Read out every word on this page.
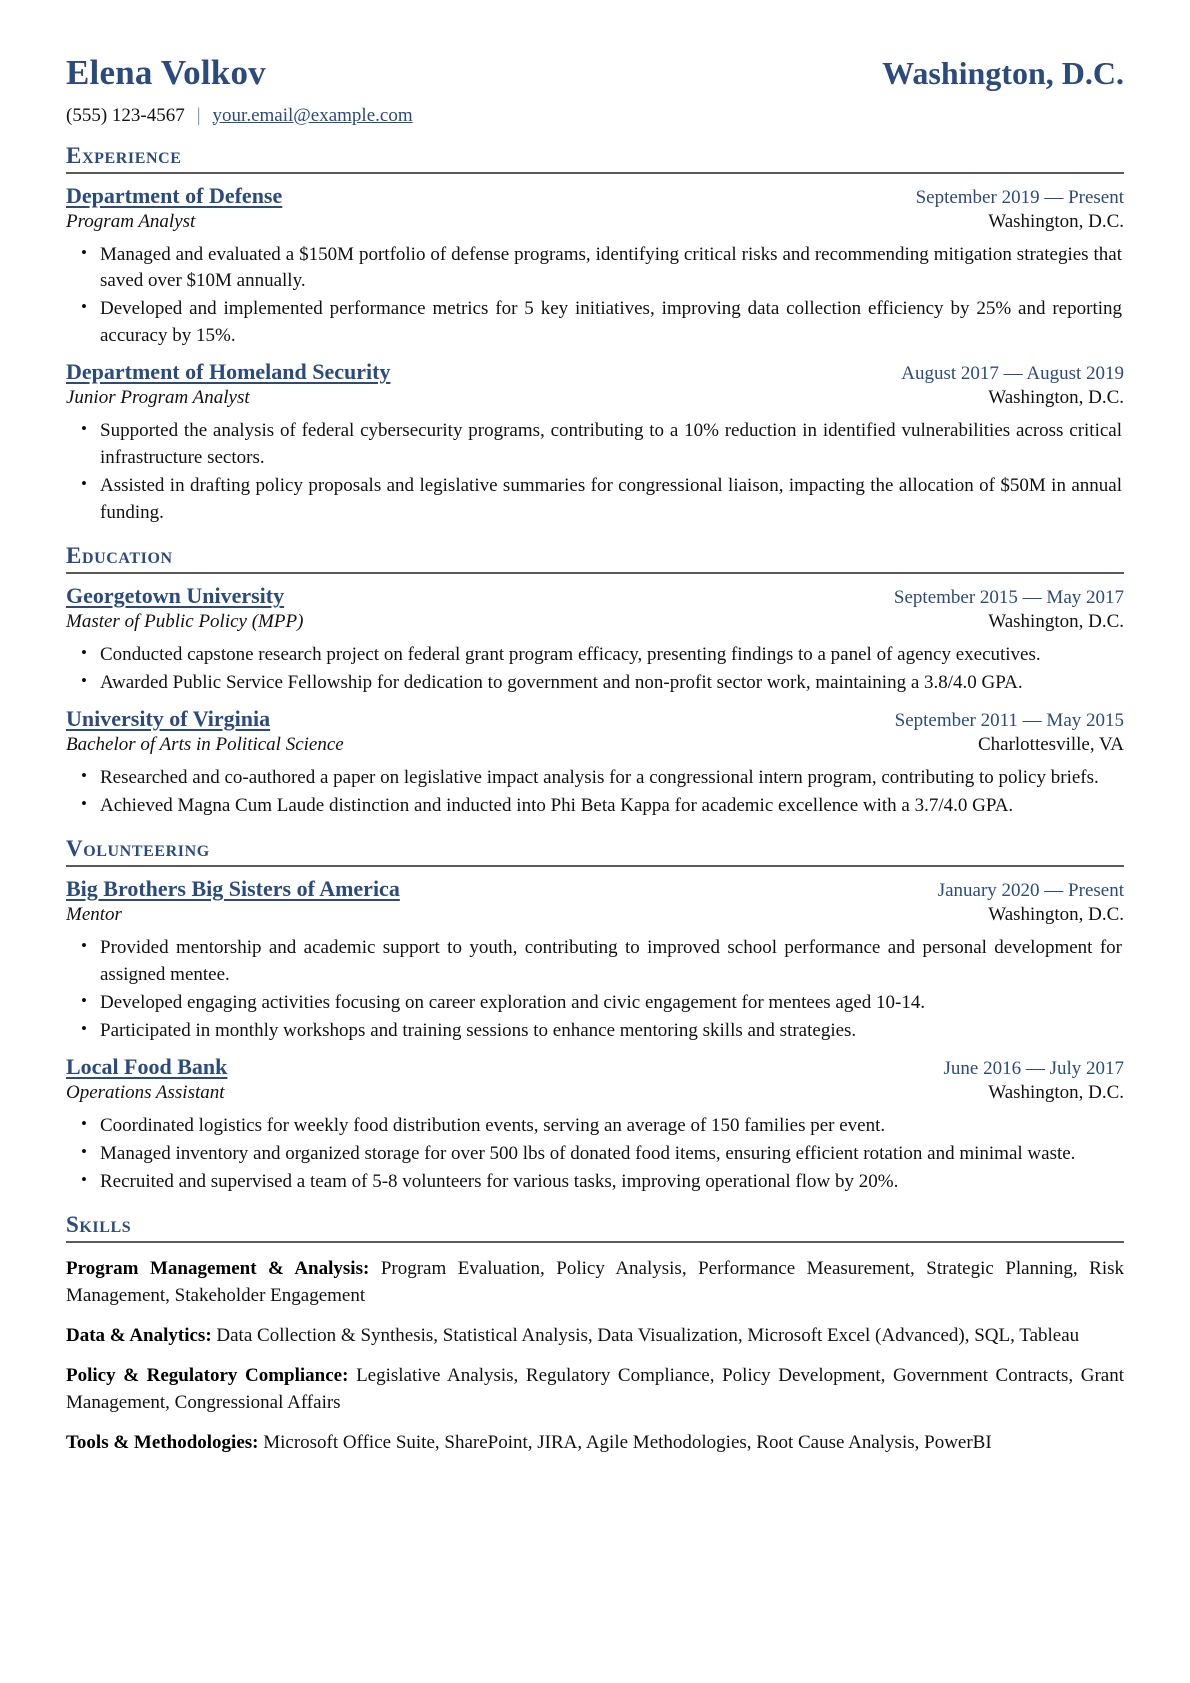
Elena Volkov	Washington, D.C.
(555) 123-4567 | your.email@example.com
Experience
Department of Defense	September 2019 — Present
Program Analyst	Washington, D.C.
• Managed and evaluated a $150M portfolio of defense programs, identifying critical risks and recommending mitigation strategies that saved over $10M annually.
• Developed and implemented performance metrics for 5 key initiatives, improving data collection efficiency by 25% and reporting accuracy by 15%.
Department of Homeland Security	August 2017 — August 2019
Junior Program Analyst	Washington, D.C.
• Supported the analysis of federal cybersecurity programs, contributing to a 10% reduction in identified vulnerabilities across critical infrastructure sectors.
• Assisted in drafting policy proposals and legislative summaries for congressional liaison, impacting the allocation of $50M in annual funding.
Education
Georgetown University	September 2015 — May 2017
Master of Public Policy (MPP)	Washington, D.C.
• Conducted capstone research project on federal grant program efficacy, presenting findings to a panel of agency executives.
• Awarded Public Service Fellowship for dedication to government and non-profit sector work, maintaining a 3.8/4.0 GPA.
University of Virginia	September 2011 — May 2015
Bachelor of Arts in Political Science	Charlottesville, VA
• Researched and co-authored a paper on legislative impact analysis for a congressional intern program, contributing to policy briefs.
• Achieved Magna Cum Laude distinction and inducted into Phi Beta Kappa for academic excellence with a 3.7/4.0 GPA.
Volunteering
Big Brothers Big Sisters of America	January 2020 — Present
Mentor	Washington, D.C.
• Provided mentorship and academic support to youth, contributing to improved school performance and personal development for assigned mentee.
• Developed engaging activities focusing on career exploration and civic engagement for mentees aged 10-14.
• Participated in monthly workshops and training sessions to enhance mentoring skills and strategies.
Local Food Bank	June 2016 — July 2017
Operations Assistant	Washington, D.C.
• Coordinated logistics for weekly food distribution events, serving an average of 150 families per event.
• Managed inventory and organized storage for over 500 lbs of donated food items, ensuring efficient rotation and minimal waste.
• Recruited and supervised a team of 5-8 volunteers for various tasks, improving operational flow by 20%.
Skills
Program Management & Analysis: Program Evaluation, Policy Analysis, Performance Measurement, Strategic Planning, Risk Management, Stakeholder Engagement
Data & Analytics: Data Collection & Synthesis, Statistical Analysis, Data Visualization, Microsoft Excel (Advanced), SQL, Tableau
Policy & Regulatory Compliance: Legislative Analysis, Regulatory Compliance, Policy Development, Government Contracts, Grant Management, Congressional Affairs
Tools & Methodologies: Microsoft Office Suite, SharePoint, JIRA, Agile Methodologies, Root Cause Analysis, PowerBI
